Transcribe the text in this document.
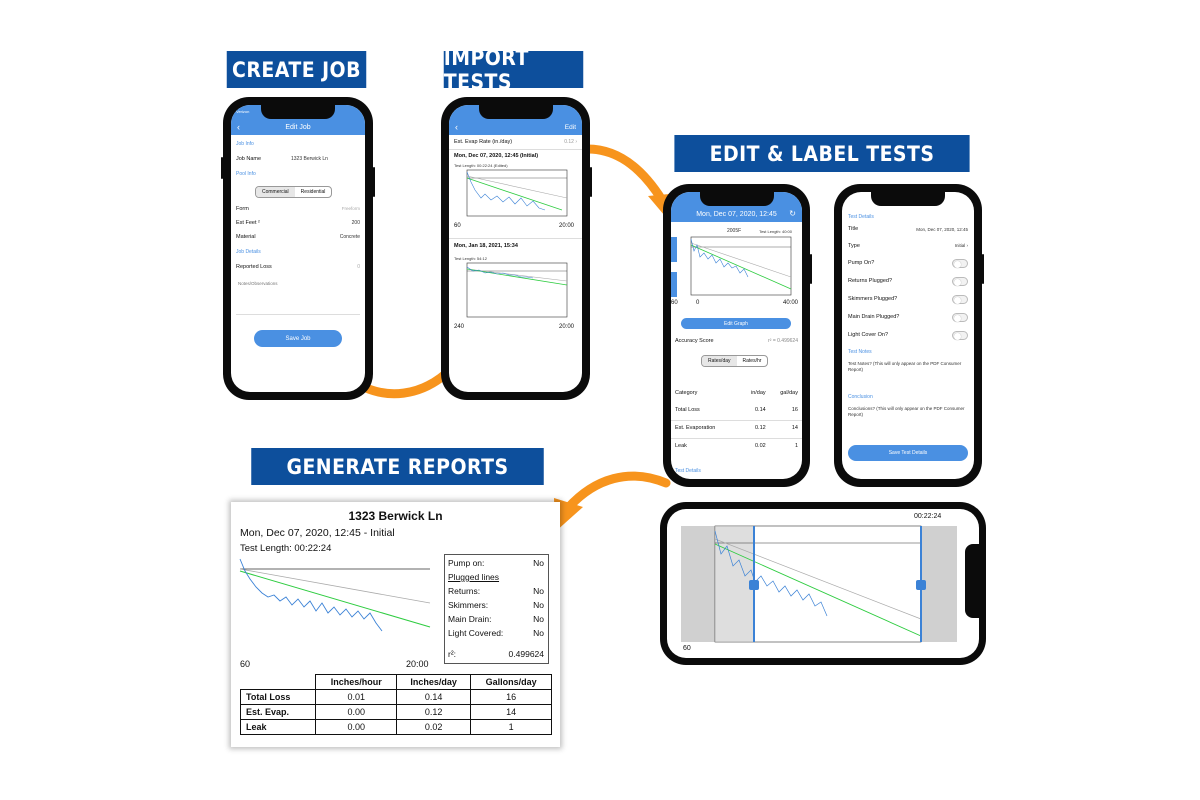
CREATE JOB	IMPORT TESTS
EDIT & LABEL TESTS
GENERATE REPORTS
Verizon
‹	Edit Job
Job Info
Job Name	1323 Berwick Ln
Pool Info
Commercial	Residential
Form	Freeform
Est Feet ²	200
Material	Concrete
Job Details
Reported Loss	0
Notes/Observations
Save Job
‹	Edit
Est. Evap Rate (in./day)	0.12 ›
Mon, Dec 07, 2020, 12:45 (Initial)
Test Length: 00:22:24 (Edited)
60	20:00
Mon, Jan 18, 2021, 15:34
Test Length: 54:12
240	20:00
Mon, Dec 07, 2020, 12:45 ↻
2005F	Test Length: 40:00
60	0	40:00
Edit Graph
Accuracy Score	r² = 0.499624
Rates/day	Rates/hr
Category	in/day	gal/day
Total Loss	0.14	16
Est. Evaporation	0.12	14
Leak	0.02	1
Test Details
Test Details
Title	Mon, Dec 07, 2020, 12:45
Type	Initial ›
Pump On?
Returns Plugged?
Skimmers Plugged?
Main Drain Plugged?
Light Cover On?
Test Notes
Test Notes? (This will only appear on the PDF Consumer Report)
Conclusion
Conclusions? (This will only appear on the PDF Consumer Report)
Save Test Details
00:22:24
60
1323 Berwick Ln
Mon, Dec 07, 2020, 12:45 - Initial
Test Length: 00:22:24
60	20:00
Pump on:	No
Plugged lines
Returns:	No
Skimmers:	No
Main Drain:	No
Light Covered:	No
r²:	0.499624
	Inches/hour	Inches/day	Gallons/day
Total Loss	0.01	0.14	16
Est. Evap.	0.00	0.12	14
Leak	0.00	0.02	1
